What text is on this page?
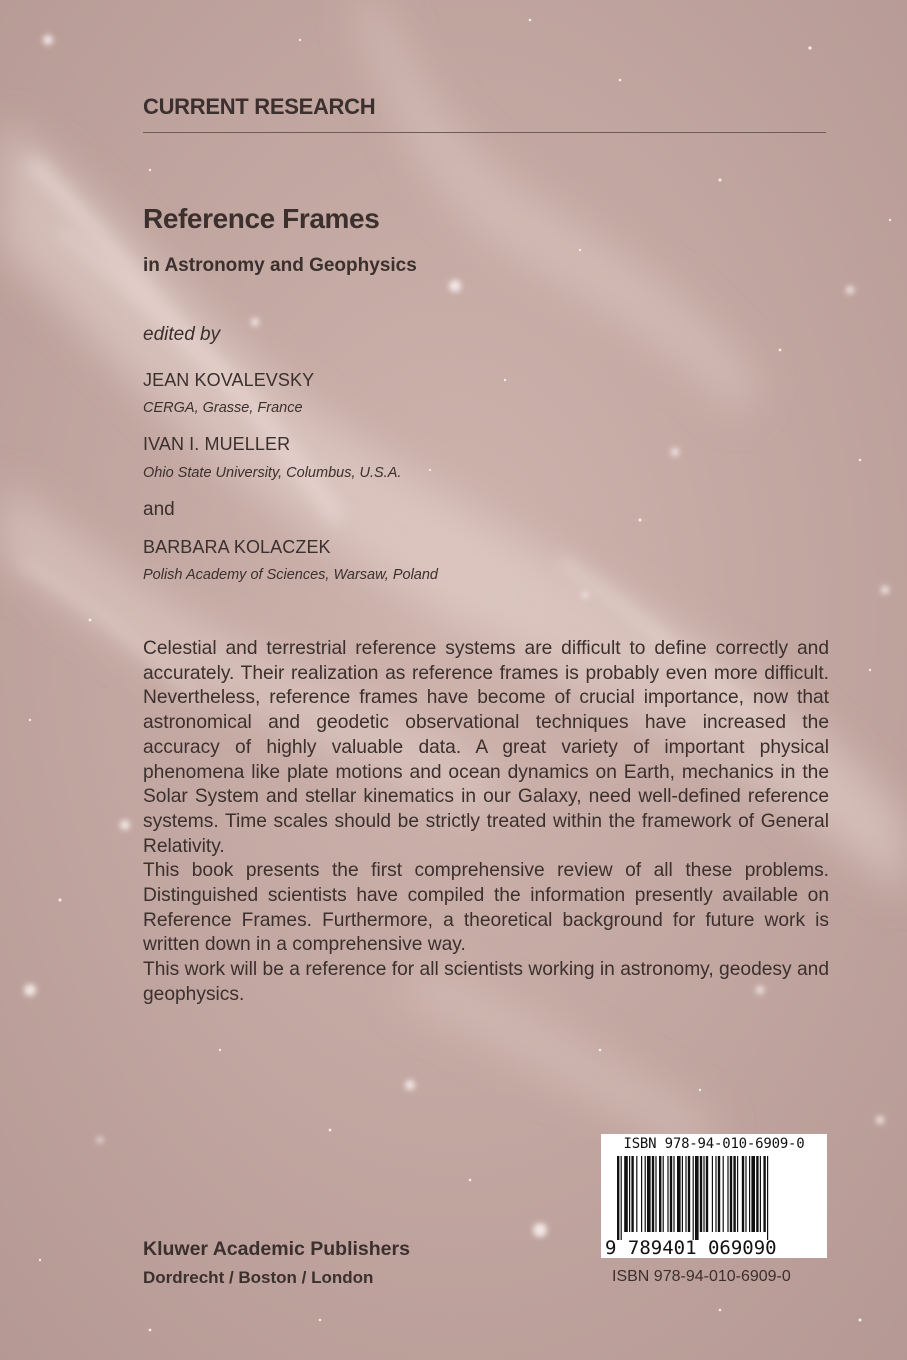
CURRENT RESEARCH
Reference Frames
in Astronomy and Geophysics
edited by
JEAN KOVALEVSKY
CERGA, Grasse, France
IVAN I. MUELLER
Ohio State University, Columbus, U.S.A.
and
BARBARA KOLACZEK
Polish Academy of Sciences, Warsaw, Poland

Celestial and terrestrial reference systems are difficult to define correctly and accurately. Their realization as reference frames is probably even more difficult. Nevertheless, reference frames have become of crucial importance, now that astronomical and geodetic observational techniques have increased the accuracy of highly valuable data. A great variety of important physical phenomena like plate motions and ocean dynamics on Earth, mechanics in the Solar System and stellar kinematics in our Galaxy, need well-defined reference systems. Time scales should be strictly treated within the framework of General Relativity.

This book presents the first comprehensive review of all these problems. Distinguished scientists have compiled the information presently available on Reference Frames. Furthermore, a theoretical background for future work is written down in a comprehensive way.

This work will be a reference for all scientists working in astronomy, geodesy and geophysics.

Kluwer Academic Publishers
Dordrecht / Boston / London
9 789401 069090
ISBN 978-94-010-6909-0
ISBN 978-94-010-6909-0
